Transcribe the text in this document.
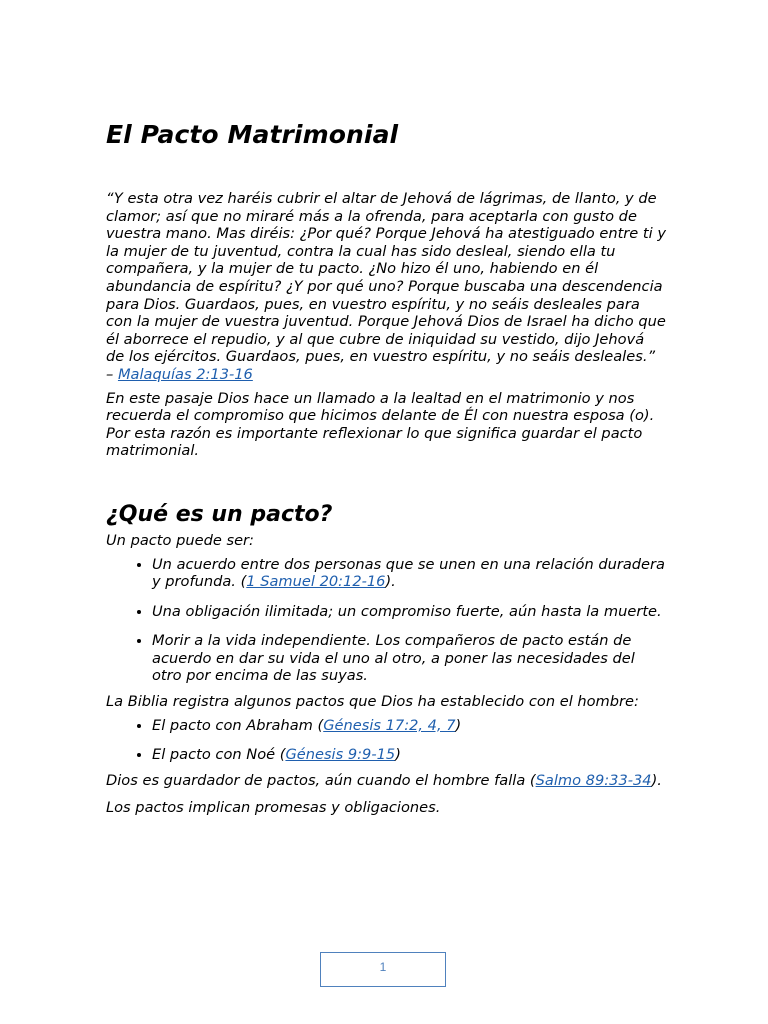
El Pacto Matrimonial
“Y esta otra vez haréis cubrir el altar de Jehová de lágrimas, de llanto, y de clamor; así que no miraré más a la ofrenda, para aceptarla con gusto de vuestra mano. Mas diréis: ¿Por qué? Porque Jehová ha atestiguado entre ti y la mujer de tu juventud, contra la cual has sido desleal, siendo ella tu compañera, y la mujer de tu pacto. ¿No hizo él uno, habiendo en él abundancia de espíritu? ¿Y por qué uno? Porque buscaba una descendencia para Dios. Guardaos, pues, en vuestro espíritu, y no seáis desleales para con la mujer de vuestra juventud. Porque Jehová Dios de Israel ha dicho que él aborrece el repudio, y al que cubre de iniquidad su vestido, dijo Jehová de los ejércitos. Guardaos, pues, en vuestro espíritu, y no seáis desleales.”
– Malaquías 2:13-16

En este pasaje Dios hace un llamado a la lealtad en el matrimonio y nos recuerda el compromiso que hicimos delante de Él con nuestra esposa (o). Por esta razón es importante reflexionar lo que significa guardar el pacto matrimonial.

¿Qué es un pacto?

Un pacto puede ser:

• Un acuerdo entre dos personas que se unen en una relación duradera y profunda. (1 Samuel 20:12-16).
• Una obligación ilimitada; un compromiso fuerte, aún hasta la muerte.
• Morir a la vida independiente. Los compañeros de pacto están de acuerdo en dar su vida el uno al otro, a poner las necesidades del otro por encima de las suyas.

La Biblia registra algunos pactos que Dios ha establecido con el hombre:

• El pacto con Abraham (Génesis 17:2, 4, 7)
• El pacto con Noé (Génesis 9:9-15)

Dios es guardador de pactos, aún cuando el hombre falla (Salmo 89:33-34).

Los pactos implican promesas y obligaciones.

1
